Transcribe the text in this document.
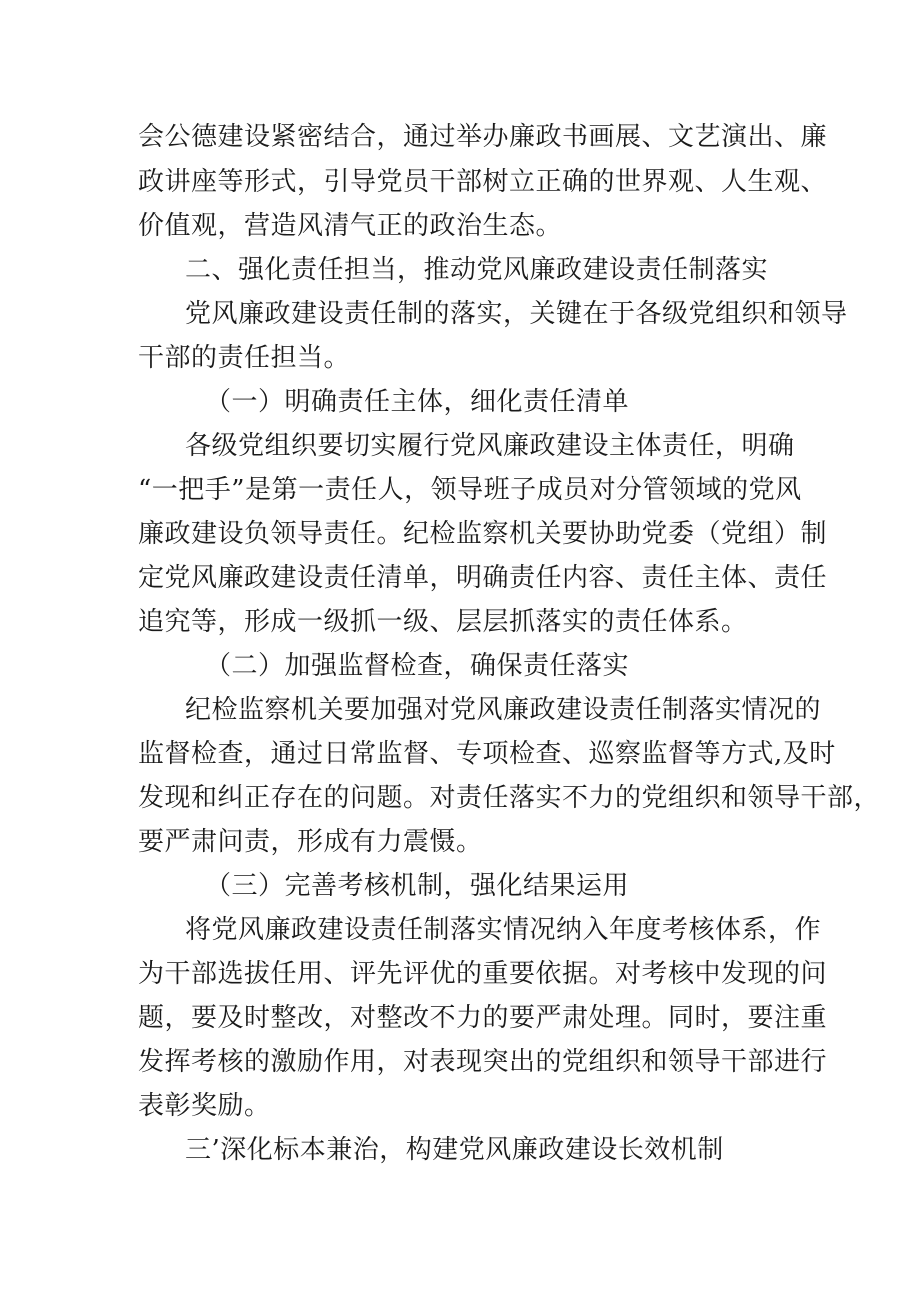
会公德建设紧密结合，通过举办廉政书画展、文艺演出、廉
政讲座等形式，引导党员干部树立正确的世界观、人生观、
价值观，营造风清气正的政治生态。
二、强化责任担当，推动党风廉政建设责任制落实
党风廉政建设责任制的落实，关键在于各级党组织和领导
干部的责任担当。
（一）明确责任主体，细化责任清单
各级党组织要切实履行党风廉政建设主体责任，明确
“一把手”是第一责任人，领导班子成员对分管领域的党风
廉政建设负领导责任。纪检监察机关要协助党委（党组）制
定党风廉政建设责任清单，明确责任内容、责任主体、责任
追究等，形成一级抓一级、层层抓落实的责任体系。
（二）加强监督检查，确保责任落实
纪检监察机关要加强对党风廉政建设责任制落实情况的
监督检查，通过日常监督、专项检查、巡察监督等方式,及时
发现和纠正存在的问题。对责任落实不力的党组织和领导干部，
要严肃问责，形成有力震慑。
（三）完善考核机制，强化结果运用
将党风廉政建设责任制落实情况纳入年度考核体系，作
为干部选拔任用、评先评优的重要依据。对考核中发现的问
题，要及时整改，对整改不力的要严肃处理。同时，要注重
发挥考核的激励作用，对表现突出的党组织和领导干部进行
表彰奖励。
三’深化标本兼治，构建党风廉政建设长效机制
